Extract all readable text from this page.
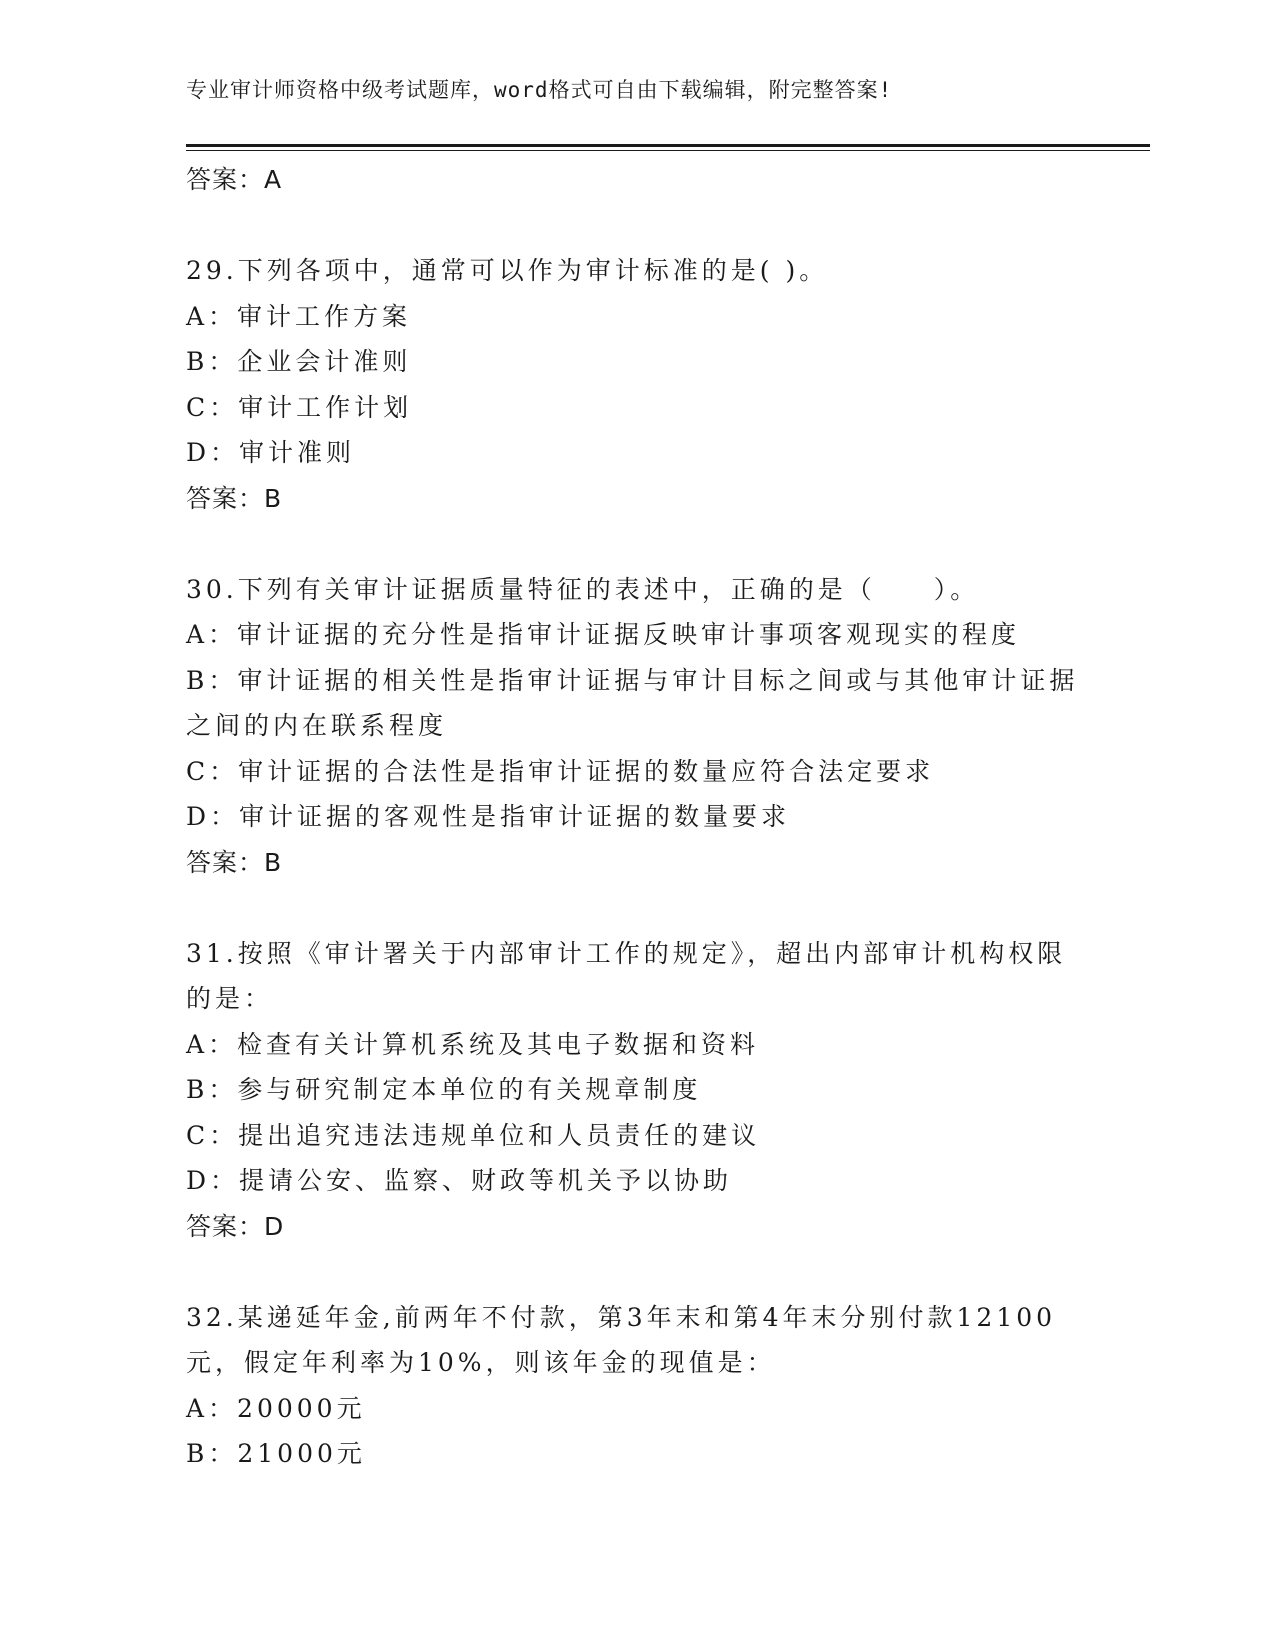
专业审计师资格中级考试题库，word格式可自由下载编辑，附完整答案!
答案：A
29.下列各项中，通常可以作为审计标准的是( )。
A：审计工作方案
B：企业会计准则
C：审计工作计划
D：审计准则
答案：B
30.下列有关审计证据质量特征的表述中，正确的是（　　）。
A：审计证据的充分性是指审计证据反映审计事项客观现实的程度
B：审计证据的相关性是指审计证据与审计目标之间或与其他审计证据
之间的内在联系程度
C：审计证据的合法性是指审计证据的数量应符合法定要求
D：审计证据的客观性是指审计证据的数量要求
答案：B
31.按照《审计署关于内部审计工作的规定》，超出内部审计机构权限
的是：
A：检查有关计算机系统及其电子数据和资料
B：参与研究制定本单位的有关规章制度
C：提出追究违法违规单位和人员责任的建议
D：提请公安、监察、财政等机关予以协助
答案：D
32.某递延年金,前两年不付款，第3年末和第4年末分别付款12100
元，假定年利率为10%，则该年金的现值是：
A：20000元
B：21000元
